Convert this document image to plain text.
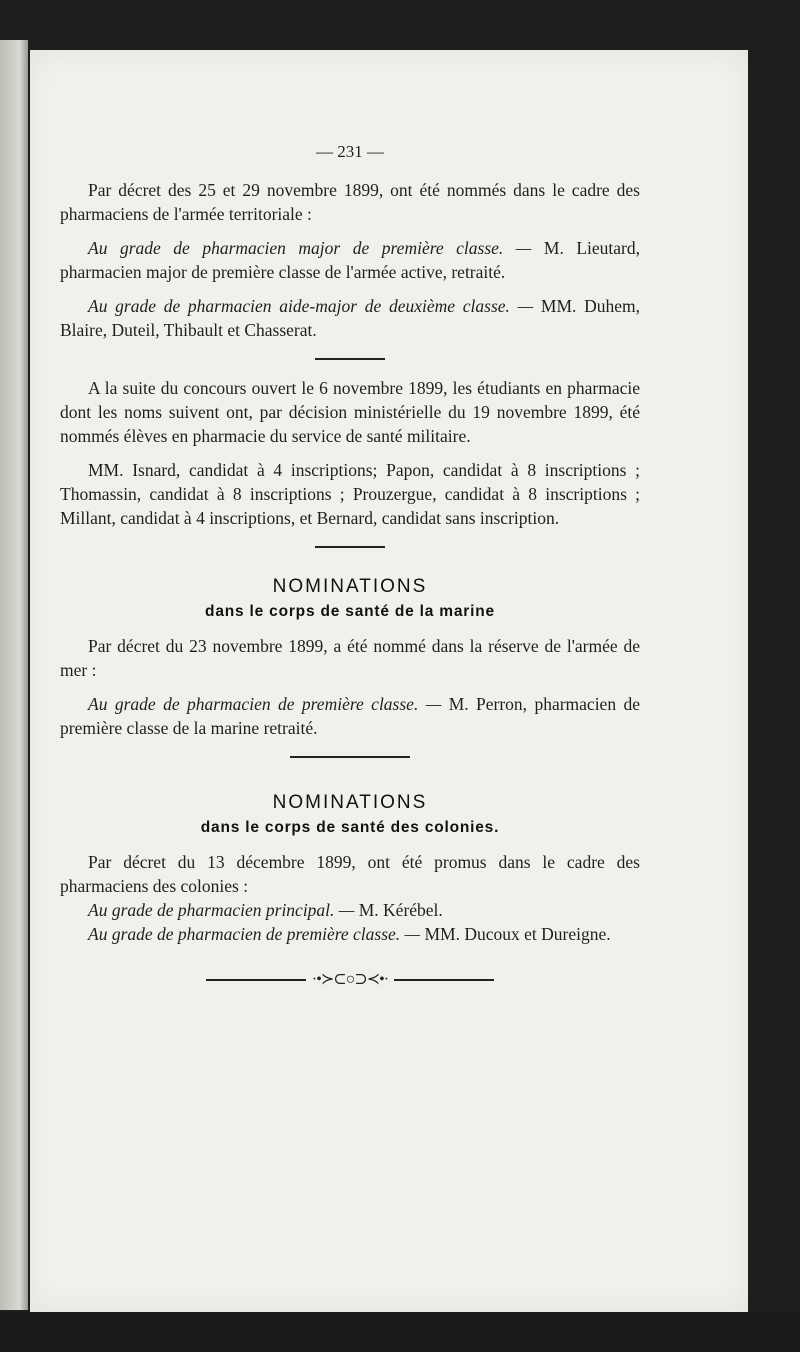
— 231 —

Par décret des 25 et 29 novembre 1899, ont été nommés dans le cadre des pharmaciens de l'armée territoriale :

Au grade de pharmacien major de première classe. — M. Lieutard, pharmacien major de première classe de l'armée active, retraité.

Au grade de pharmacien aide-major de deuxième classe. — MM. Duhem, Blaire, Duteil, Thibault et Chasserat.

A la suite du concours ouvert le 6 novembre 1899, les étudiants en pharmacie dont les noms suivent ont, par décision ministérielle du 19 novembre 1899, été nommés élèves en pharmacie du service de santé militaire.

MM. Isnard, candidat à 4 inscriptions; Papon, candidat à 8 inscriptions ; Thomassin, candidat à 8 inscriptions ; Prouzergue, candidat à 8 inscriptions ; Millant, candidat à 4 inscriptions, et Bernard, candidat sans inscription.

NOMINATIONS
dans le corps de santé de la marine

Par décret du 23 novembre 1899, a été nommé dans la réserve de l'armée de mer :

Au grade de pharmacien de première classe. — M. Perron, pharmacien de première classe de la marine retraité.

NOMINATIONS
dans le corps de santé des colonies.

Par décret du 13 décembre 1899, ont été promus dans le cadre des pharmaciens des colonies :

Au grade de pharmacien principal. — M. Kérébel.

Au grade de pharmacien de première classe. — MM. Ducoux et Dureigne.

·•≻⊂○⊃≺•·
